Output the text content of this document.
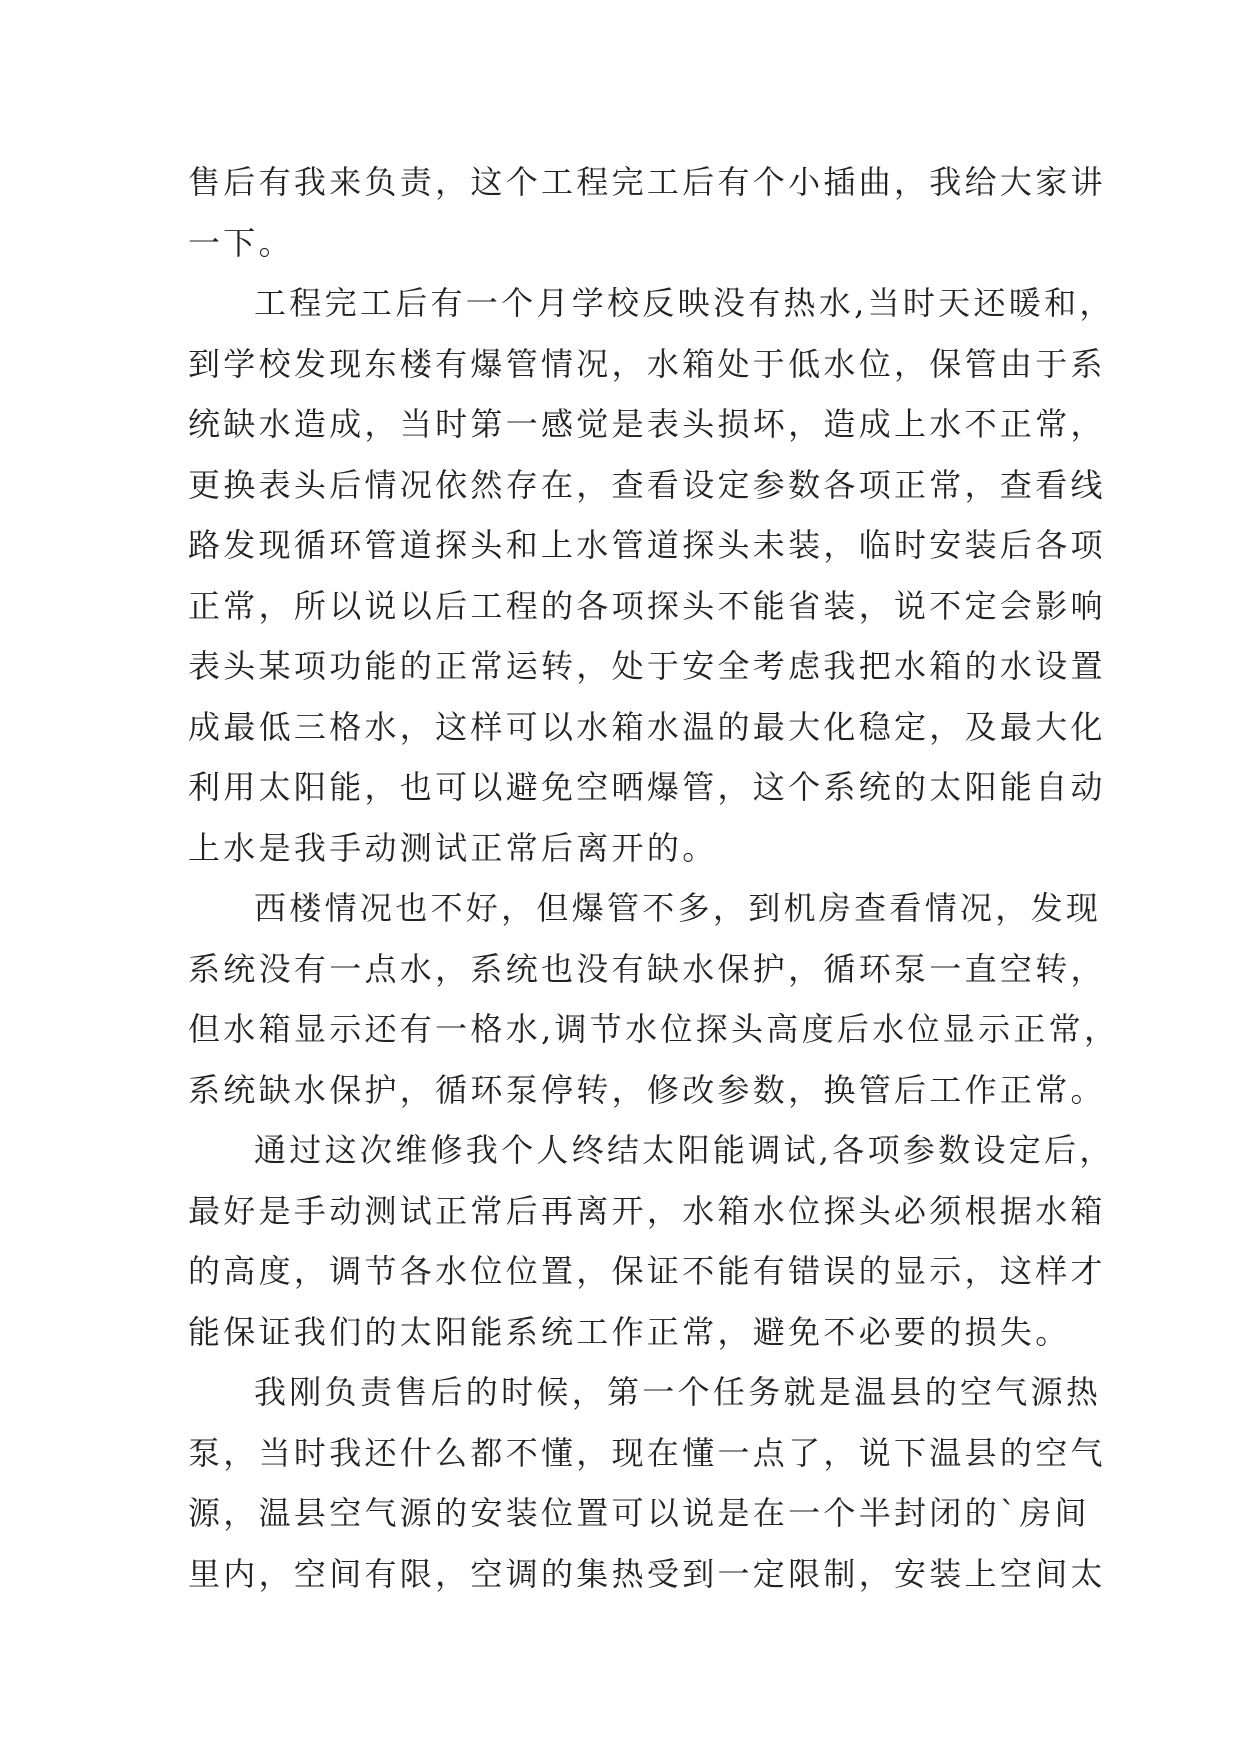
售后有我来负责，这个工程完工后有个小插曲，我给大家讲
一下。
工程完工后有一个月学校反映没有热水,当时天还暖和，
到学校发现东楼有爆管情况，水箱处于低水位，保管由于系
统缺水造成，当时第一感觉是表头损坏，造成上水不正常，
更换表头后情况依然存在，查看设定参数各项正常，查看线
路发现循环管道探头和上水管道探头未装，临时安装后各项
正常，所以说以后工程的各项探头不能省装，说不定会影响
表头某项功能的正常运转，处于安全考虑我把水箱的水设置
成最低三格水，这样可以水箱水温的最大化稳定，及最大化
利用太阳能，也可以避免空晒爆管，这个系统的太阳能自动
上水是我手动测试正常后离开的。
西楼情况也不好，但爆管不多，到机房查看情况，发现
系统没有一点水，系统也没有缺水保护，循环泵一直空转，
但水箱显示还有一格水,调节水位探头高度后水位显示正常，
系统缺水保护，循环泵停转，修改参数，换管后工作正常。
通过这次维修我个人终结太阳能调试,各项参数设定后，
最好是手动测试正常后再离开，水箱水位探头必须根据水箱
的高度，调节各水位位置，保证不能有错误的显示，这样才
能保证我们的太阳能系统工作正常，避免不必要的损失。
我刚负责售后的时候，第一个任务就是温县的空气源热
泵，当时我还什么都不懂，现在懂一点了，说下温县的空气
源，温县空气源的安装位置可以说是在一个半封闭的`房间
里内，空间有限，空调的集热受到一定限制，安装上空间太
